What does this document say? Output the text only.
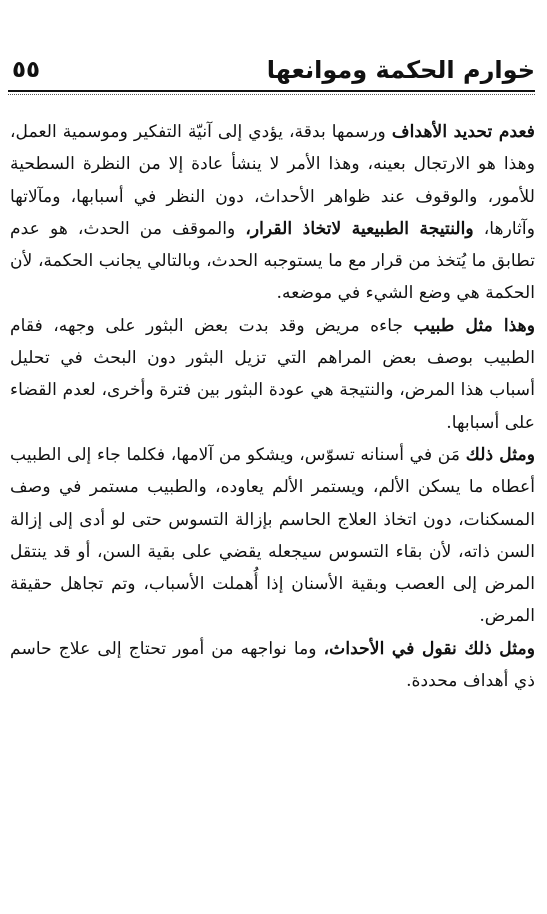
٥٥	خوارم الحكمة وموانعها

فعدم تحديد الأهداف ورسمها بدقة، يؤدي إلى آنيّة التفكير وموسمية العمل، وهذا هو الارتجال بعينه، وهذا الأمر لا ينشأ عادة إلا من النظرة السطحية للأمور، والوقوف عند ظواهر الأحداث، دون النظر في أسبابها، ومآلاتها وآثارها، والنتيجة الطبيعية لاتخاذ القرار، والموقف من الحدث، هو عدم تطابق ما يُتخذ من قرار مع ما يستوجبه الحدث، وبالتالي يجانب الحكمة، لأن الحكمة هي وضع الشيء في موضعه.

وهذا مثل طبيب جاءه مريض وقد بدت بعض البثور على وجهه، فقام الطبيب بوصف بعض المراهم التي تزيل البثور دون البحث في تحليل أسباب هذا المرض، والنتيجة هي عودة البثور بين فترة وأخرى، لعدم القضاء على أسبابها.

ومثل ذلك مَن في أسنانه تسوّس، ويشكو من آلامها، فكلما جاء إلى الطبيب أعطاه ما يسكن الألم، ويستمر الألم يعاوده، والطبيب مستمر في وصف المسكنات، دون اتخاذ العلاج الحاسم بإزالة التسوس حتى لو أدى إلى إزالة السن ذاته، لأن بقاء التسوس سيجعله يقضي على بقية السن، أو قد ينتقل المرض إلى العصب وبقية الأسنان إذا أُهملت الأسباب، وتم تجاهل حقيقة المرض.

ومثل ذلك نقول في الأحداث، وما نواجهه من أمور تحتاج إلى علاج حاسم ذي أهداف محددة.
